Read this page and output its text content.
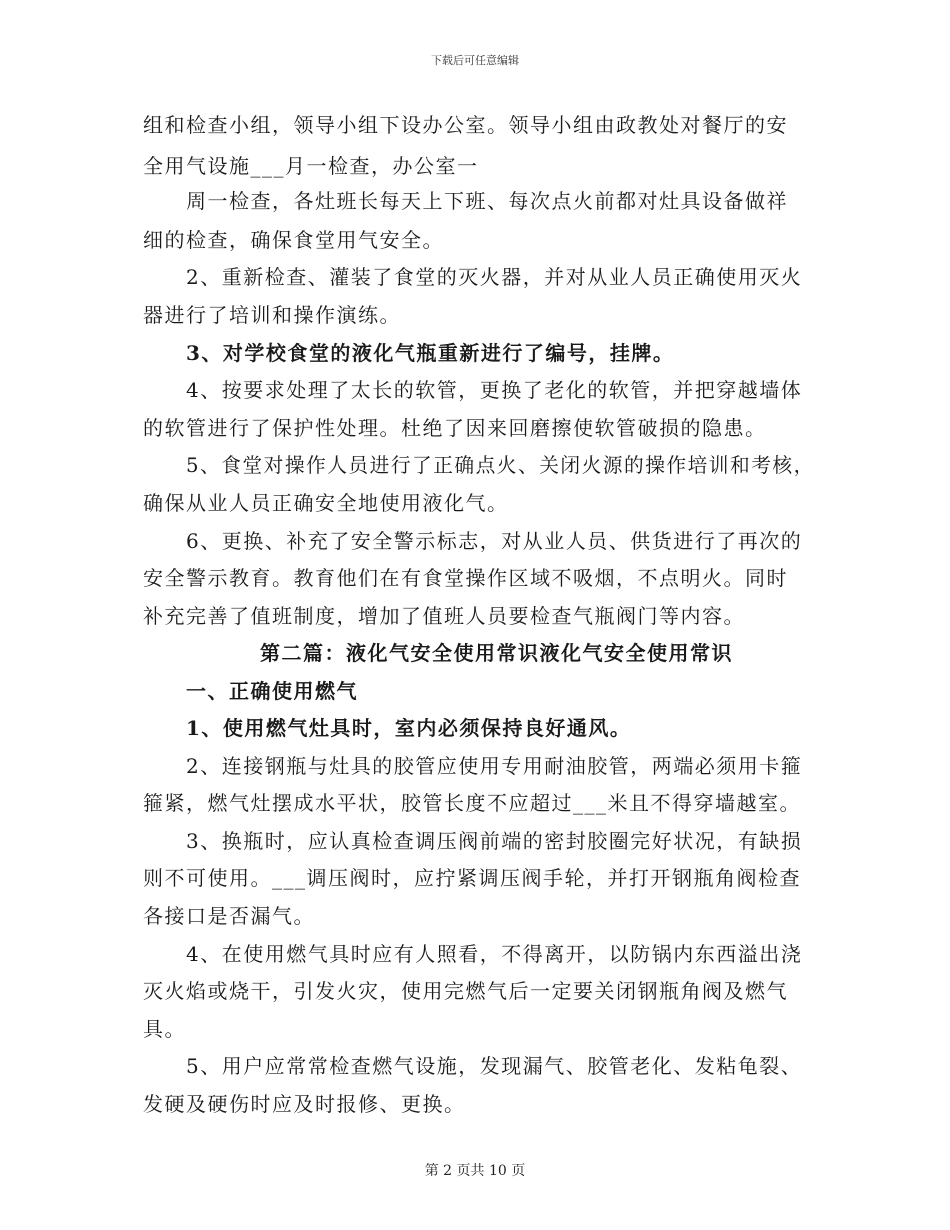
下载后可任意编辑
组和检查小组，领导小组下设办公室。领导小组由政教处对餐厅的安
全用气设施___月一检查，办公室一
周一检查，各灶班长每天上下班、每次点火前都对灶具设备做祥
细的检查，确保食堂用气安全。
2、重新检查、灌装了食堂的灭火器，并对从业人员正确使用灭火
器进行了培训和操作演练。
3、对学校食堂的液化气瓶重新进行了编号，挂牌。
4、按要求处理了太长的软管，更换了老化的软管，并把穿越墙体
的软管进行了保护性处理。杜绝了因来回磨擦使软管破损的隐患。
5、食堂对操作人员进行了正确点火、关闭火源的操作培训和考核，
确保从业人员正确安全地使用液化气。
6、更换、补充了安全警示标志，对从业人员、供货进行了再次的
安全警示教育。教育他们在有食堂操作区域不吸烟，不点明火。同时
补充完善了值班制度，增加了值班人员要检查气瓶阀门等内容。
第二篇：液化气安全使用常识液化气安全使用常识
一、正确使用燃气
1、使用燃气灶具时，室内必须保持良好通风。
2、连接钢瓶与灶具的胶管应使用专用耐油胶管，两端必须用卡箍
箍紧，燃气灶摆成水平状，胶管长度不应超过___米且不得穿墙越室。
3、换瓶时，应认真检查调压阀前端的密封胶圈完好状况，有缺损
则不可使用。___调压阀时，应拧紧调压阀手轮，并打开钢瓶角阀检查
各接口是否漏气。
4、在使用燃气具时应有人照看，不得离开，以防锅内东西溢出浇
灭火焰或烧干，引发火灾，使用完燃气后一定要关闭钢瓶角阀及燃气
具。
5、用户应常常检查燃气设施，发现漏气、胶管老化、发粘龟裂、
发硬及硬伤时应及时报修、更换。
第 2 页共 10 页
